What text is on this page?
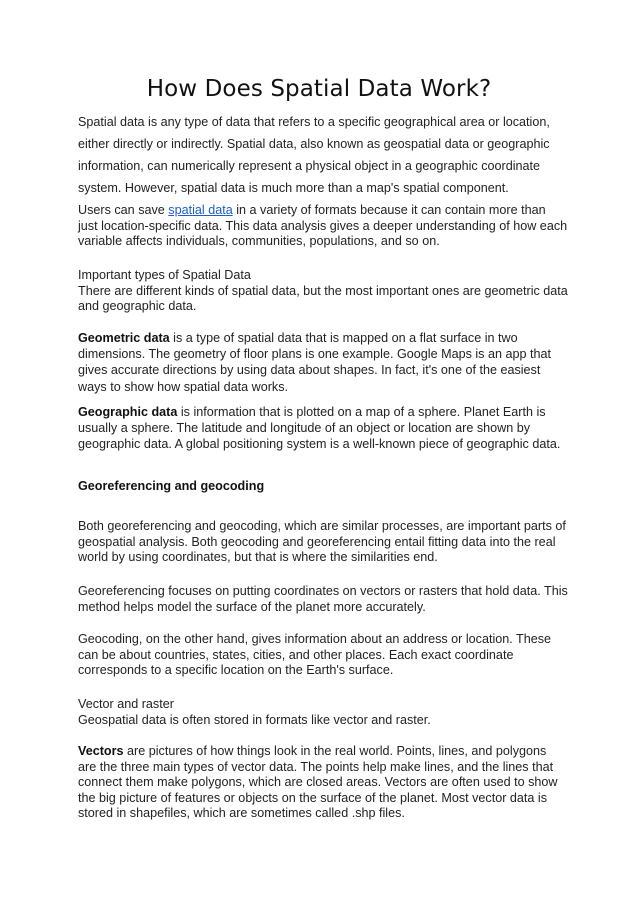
How Does Spatial Data Work?

Spatial data is any type of data that refers to a specific geographical area or location, either directly or indirectly. Spatial data, also known as geospatial data or geographic information, can numerically represent a physical object in a geographic coordinate system. However, spatial data is much more than a map's spatial component.

Users can save spatial data in a variety of formats because it can contain more than just location-specific data. This data analysis gives a deeper understanding of how each variable affects individuals, communities, populations, and so on.

Important types of Spatial Data
There are different kinds of spatial data, but the most important ones are geometric data and geographic data.

Geometric data is a type of spatial data that is mapped on a flat surface in two dimensions. The geometry of floor plans is one example. Google Maps is an app that gives accurate directions by using data about shapes. In fact, it's one of the easiest ways to show how spatial data works.

Geographic data is information that is plotted on a map of a sphere. Planet Earth is usually a sphere. The latitude and longitude of an object or location are shown by geographic data. A global positioning system is a well-known piece of geographic data.

Georeferencing and geocoding

Both georeferencing and geocoding, which are similar processes, are important parts of geospatial analysis. Both geocoding and georeferencing entail fitting data into the real world by using coordinates, but that is where the similarities end.

Georeferencing focuses on putting coordinates on vectors or rasters that hold data. This method helps model the surface of the planet more accurately.

Geocoding, on the other hand, gives information about an address or location. These can be about countries, states, cities, and other places. Each exact coordinate corresponds to a specific location on the Earth's surface.

Vector and raster
Geospatial data is often stored in formats like vector and raster.

Vectors are pictures of how things look in the real world. Points, lines, and polygons are the three main types of vector data. The points help make lines, and the lines that connect them make polygons, which are closed areas. Vectors are often used to show the big picture of features or objects on the surface of the planet. Most vector data is stored in shapefiles, which are sometimes called .shp files.
